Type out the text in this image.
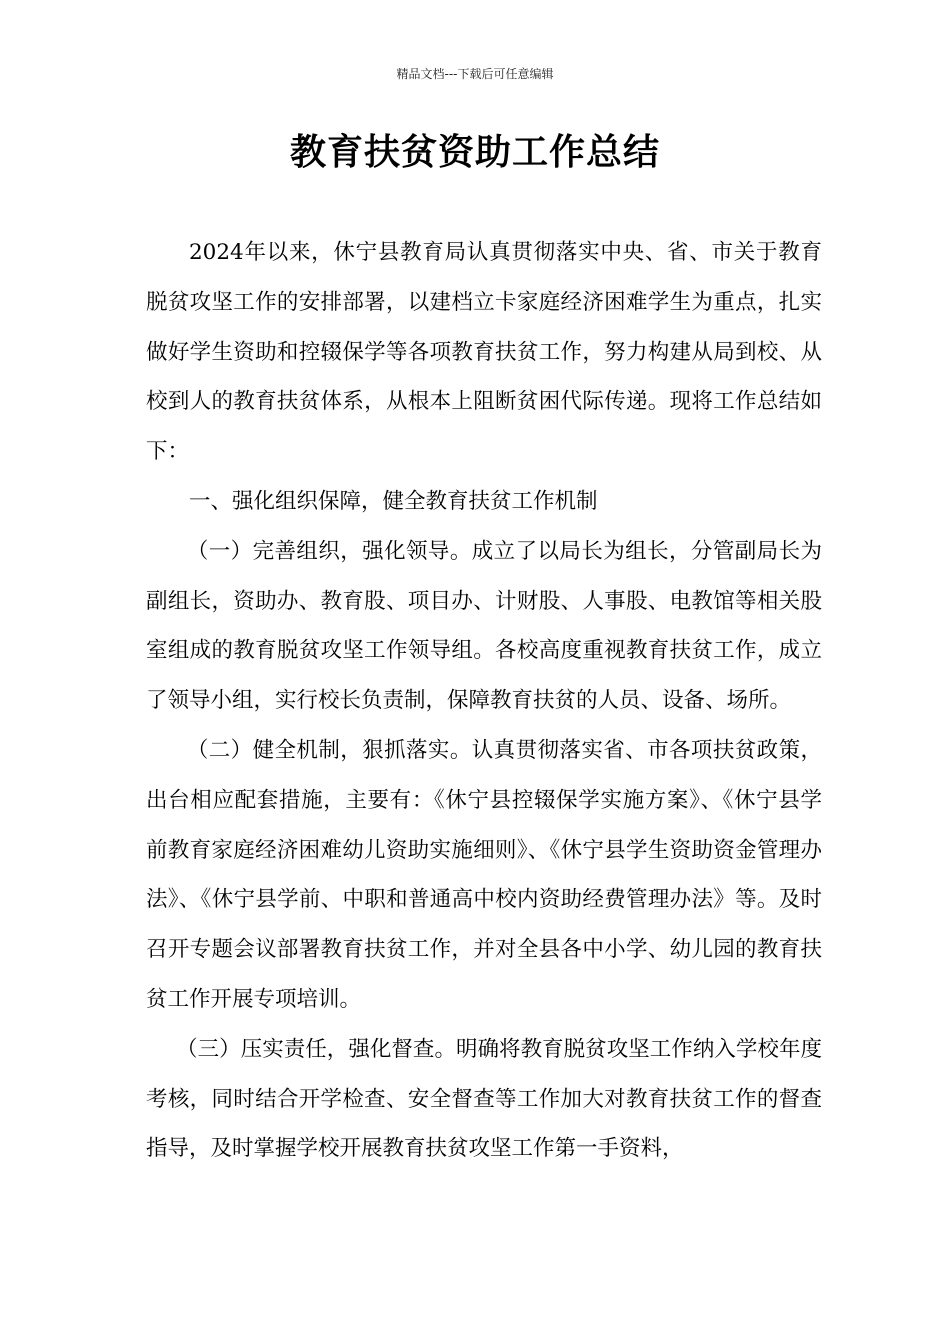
精品文档---下载后可任意编辑
教育扶贫资助工作总结

2024年以来，休宁县教育局认真贯彻落实中央、省、市关于教育脱贫攻坚工作的安排部署，以建档立卡家庭经济困难学生为重点，扎实做好学生资助和控辍保学等各项教育扶贫工作，努力构建从局到校、从校到人的教育扶贫体系，从根本上阻断贫困代际传递。现将工作总结如下：

一、强化组织保障，健全教育扶贫工作机制

（一）完善组织，强化领导。成立了以局长为组长，分管副局长为副组长，资助办、教育股、项目办、计财股、人事股、电教馆等相关股室组成的教育脱贫攻坚工作领导组。各校高度重视教育扶贫工作，成立了领导小组，实行校长负责制，保障教育扶贫的人员、设备、场所。

（二）健全机制，狠抓落实。认真贯彻落实省、市各项扶贫政策，出台相应配套措施，主要有：《休宁县控辍保学实施方案》、《休宁县学前教育家庭经济困难幼儿资助实施细则》、《休宁县学生资助资金管理办法》、《休宁县学前、中职和普通高中校内资助经费管理办法》等。及时召开专题会议部署教育扶贫工作，并对全县各中小学、幼儿园的教育扶贫工作开展专项培训。

（三）压实责任，强化督查。明确将教育脱贫攻坚工作纳入学校年度考核，同时结合开学检查、安全督查等工作加大对教育扶贫工作的督查指导，及时掌握学校开展教育扶贫攻坚工作第一手资料，
